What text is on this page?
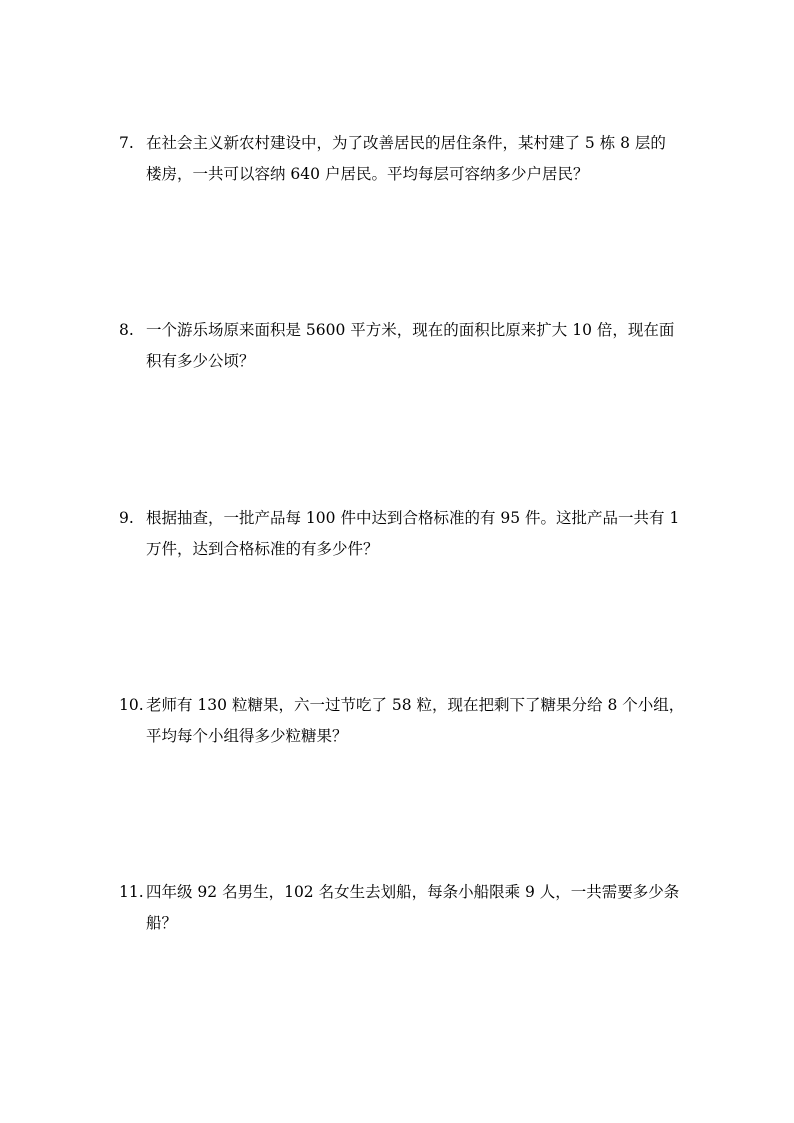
7. 在社会主义新农村建设中，为了改善居民的居住条件，某村建了 5 栋 8 层的
楼房，一共可以容纳 640 户居民。平均每层可容纳多少户居民？
8. 一个游乐场原来面积是 5600 平方米，现在的面积比原来扩大 10 倍，现在面
积有多少公顷？
9. 根据抽查，一批产品每 100 件中达到合格标准的有 95 件。这批产品一共有 1
万件，达到合格标准的有多少件？
10. 老师有 130 粒糖果，六一过节吃了 58 粒，现在把剩下了糖果分给 8 个小组，
平均每个小组得多少粒糖果？
11. 四年级 92 名男生，102 名女生去划船，每条小船限乘 9 人，一共需要多少条
船？
